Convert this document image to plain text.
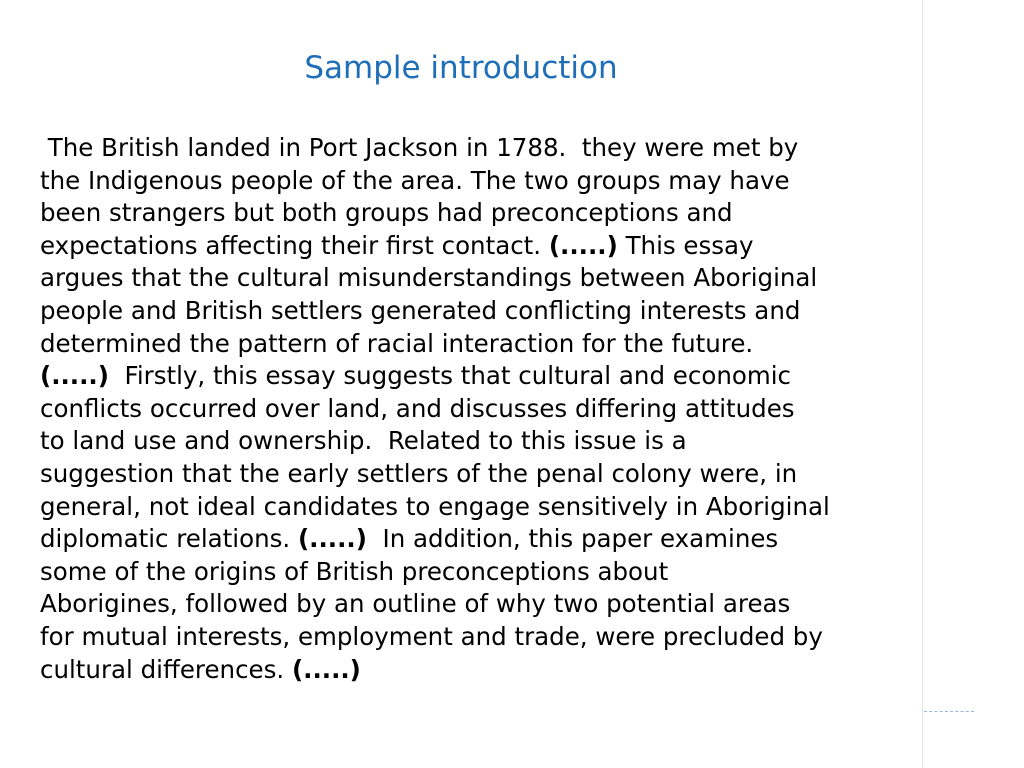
Sample introduction
The British landed in Port Jackson in 1788.  they were met by
the Indigenous people of the area. The two groups may have
been strangers but both groups had preconceptions and
expectations affecting their first contact. (.....) This essay
argues that the cultural misunderstandings between Aboriginal
people and British settlers generated conflicting interests and
determined the pattern of racial interaction for the future.
(.....)  Firstly, this essay suggests that cultural and economic
conflicts occurred over land, and discusses differing attitudes
to land use and ownership.  Related to this issue is a
suggestion that the early settlers of the penal colony were, in
general, not ideal candidates to engage sensitively in Aboriginal
diplomatic relations. (.....)  In addition, this paper examines
some of the origins of British preconceptions about
Aborigines, followed by an outline of why two potential areas
for mutual interests, employment and trade, were precluded by
cultural differences. (.....)
